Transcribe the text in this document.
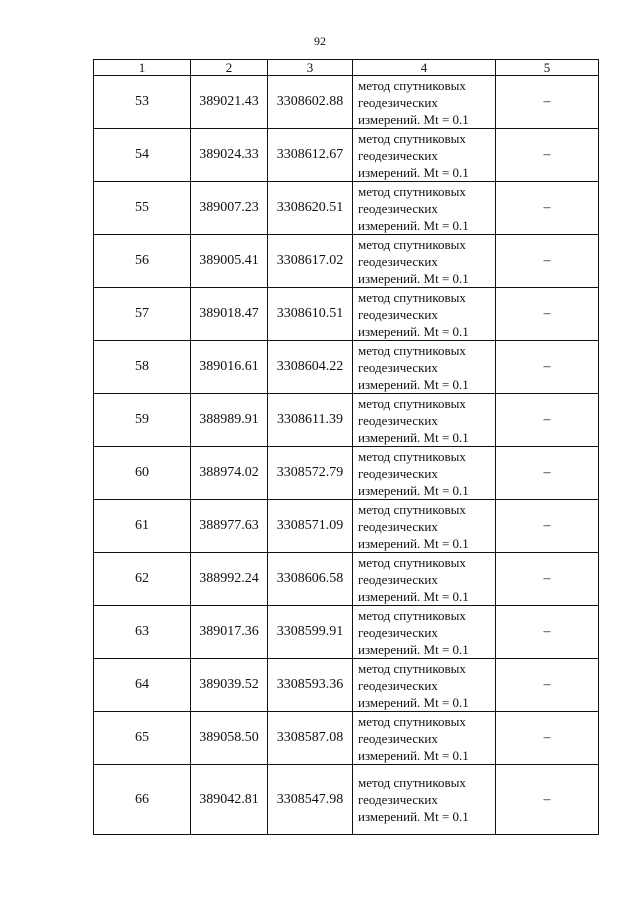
92
1	2	3	4	5
53	389021.43	3308602.88	метод спутниковых
геодезических
измерений. Mt = 0.1	–
54	389024.33	3308612.67	метод спутниковых
геодезических
измерений. Mt = 0.1	–
55	389007.23	3308620.51	метод спутниковых
геодезических
измерений. Mt = 0.1	–
56	389005.41	3308617.02	метод спутниковых
геодезических
измерений. Mt = 0.1	–
57	389018.47	3308610.51	метод спутниковых
геодезических
измерений. Mt = 0.1	–
58	389016.61	3308604.22	метод спутниковых
геодезических
измерений. Mt = 0.1	–
59	388989.91	3308611.39	метод спутниковых
геодезических
измерений. Mt = 0.1	–
60	388974.02	3308572.79	метод спутниковых
геодезических
измерений. Mt = 0.1	–
61	388977.63	3308571.09	метод спутниковых
геодезических
измерений. Mt = 0.1	–
62	388992.24	3308606.58	метод спутниковых
геодезических
измерений. Mt = 0.1	–
63	389017.36	3308599.91	метод спутниковых
геодезических
измерений. Mt = 0.1	–
64	389039.52	3308593.36	метод спутниковых
геодезических
измерений. Mt = 0.1	–
65	389058.50	3308587.08	метод спутниковых
геодезических
измерений. Mt = 0.1	–
66	389042.81	3308547.98	метод спутниковых
геодезических
измерений. Mt = 0.1	–
